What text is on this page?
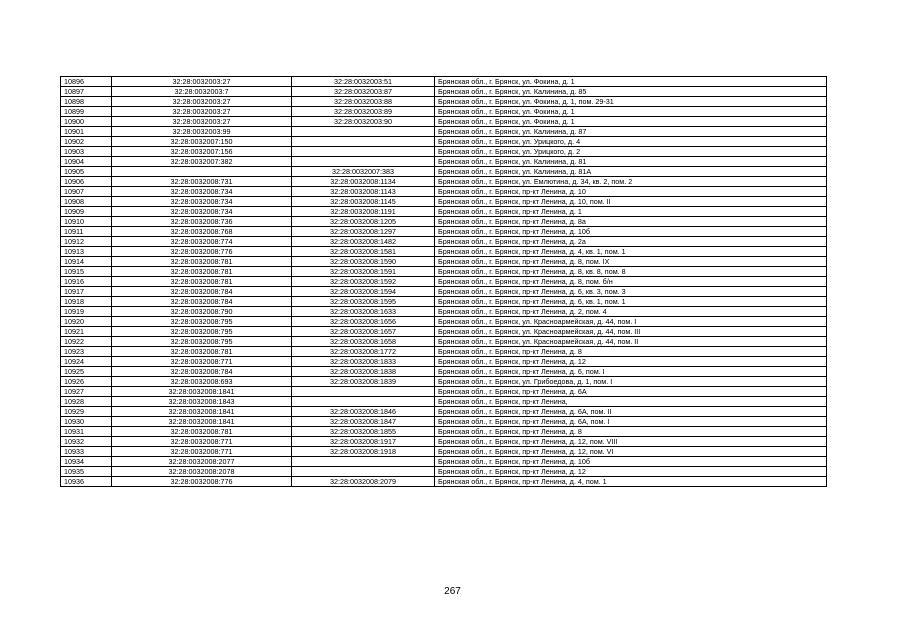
10896	32:28:0032003:27	32:28:0032003:51	Брянская обл., г. Брянск, ул. Фокина, д. 1
10897	32:28:0032003:7	32:28:0032003:87	Брянская обл., г. Брянск, ул. Калинина, д. 85
10898	32:28:0032003:27	32:28:0032003:88	Брянская обл., г. Брянск, ул. Фокина, д. 1, пом. 29-31
10899	32:28:0032003:27	32:28:0032003:89	Брянская обл., г. Брянск, ул. Фокина, д. 1
10900	32:28:0032003:27	32:28:0032003:90	Брянская обл., г. Брянск, ул. Фокина, д. 1
10901	32:28:0032003:99		Брянская обл., г. Брянск, ул. Калинина, д. 87
10902	32:28:0032007:150		Брянская обл., г. Брянск, ул. Урицкого, д. 4
10903	32:28:0032007:156		Брянская обл., г. Брянск, ул. Урицкого, д. 2
10904	32:28:0032007:382		Брянская обл., г. Брянск, ул. Калинина, д. 81
10905		32:28:0032007:383	Брянская обл., г. Брянск, ул. Калинина, д. 81А
10906	32:28:0032008:731	32:28:0032008:1134	Брянская обл., г. Брянск, ул. Емлютина, д. 34, кв. 2, пом. 2
10907	32:28:0032008:734	32:28:0032008:1143	Брянская обл., г. Брянск, пр-кт Ленина, д. 10
10908	32:28:0032008:734	32:28:0032008:1145	Брянская обл., г. Брянск, пр-кт Ленина, д. 10, пом. II
10909	32:28:0032008:734	32:28:0032008:1191	Брянская обл., г. Брянск, пр-кт Ленина, д. 1
10910	32:28:0032008:736	32:28:0032008:1205	Брянская обл., г. Брянск, пр-кт Ленина, д. 8а
10911	32:28:0032008:768	32:28:0032008:1297	Брянская обл., г. Брянск, пр-кт Ленина, д. 10б
10912	32:28:0032008:774	32:28:0032008:1482	Брянская обл., г. Брянск, пр-кт Ленина, д. 2а
10913	32:28:0032008:776	32:28:0032008:1581	Брянская обл., г. Брянск, пр-кт Ленина, д. 4, кв. 1, пом. 1
10914	32:28:0032008:781	32:28:0032008:1590	Брянская обл., г. Брянск, пр-кт Ленина, д. 8, пом. IX
10915	32:28:0032008:781	32:28:0032008:1591	Брянская обл., г. Брянск, пр-кт Ленина, д. 8, кв. 8, пом. 8
10916	32:28:0032008:781	32:28:0032008:1592	Брянская обл., г. Брянск, пр-кт Ленина, д. 8, пом. б/н
10917	32:28:0032008:784	32:28:0032008:1594	Брянская обл., г. Брянск, пр-кт Ленина, д. 6, кв. 3, пом. 3
10918	32:28:0032008:784	32:28:0032008:1595	Брянская обл., г. Брянск, пр-кт Ленина, д. 6, кв. 1, пом. 1
10919	32:28:0032008:790	32:28:0032008:1633	Брянская обл., г. Брянск, пр-кт Ленина, д. 2, пом. 4
10920	32:28:0032008:795	32:28:0032008:1656	Брянская обл., г. Брянск, ул. Красноармейская, д. 44, пом. I
10921	32:28:0032008:795	32:28:0032008:1657	Брянская обл., г. Брянск, ул. Красноармейская, д. 44, пом. III
10922	32:28:0032008:795	32:28:0032008:1658	Брянская обл., г. Брянск, ул. Красноармейская, д. 44, пом. II
10923	32:28:0032008:781	32:28:0032008:1772	Брянская обл., г. Брянск, пр-кт Ленина, д. 8
10924	32:28:0032008:771	32:28:0032008:1833	Брянская обл., г. Брянск, пр-кт Ленина, д. 12
10925	32:28:0032008:784	32:28:0032008:1838	Брянская обл., г. Брянск, пр-кт Ленина, д. 6, пом. I
10926	32:28:0032008:693	32:28:0032008:1839	Брянская обл., г. Брянск, ул. Грибоедова, д. 1, пом. I
10927	32:28:0032008:1841		Брянская обл., г. Брянск, пр-кт Ленина, д. 6А
10928	32:28:0032008:1843		Брянская обл., г. Брянск, пр-кт Ленина,
10929	32:28:0032008:1841	32:28:0032008:1846	Брянская обл., г. Брянск, пр-кт Ленина, д. 6А, пом. II
10930	32:28:0032008:1841	32:28:0032008:1847	Брянская обл., г. Брянск, пр-кт Ленина, д. 6А, пом. I
10931	32:28:0032008:781	32:28:0032008:1855	Брянская обл., г. Брянск, пр-кт Ленина, д. 8
10932	32:28:0032008:771	32:28:0032008:1917	Брянская обл., г. Брянск, пр-кт Ленина, д. 12, пом. VIII
10933	32:28:0032008:771	32:28:0032008:1918	Брянская обл., г. Брянск, пр-кт Ленина, д. 12, пом. VI
10934	32:28:0032008:2077		Брянская обл., г. Брянск, пр-кт Ленина, д. 10б
10935	32:28:0032008:2078		Брянская обл., г. Брянск, пр-кт Ленина, д. 12
10936	32:28:0032008:776	32:28:0032008:2079	Брянская обл., г. Брянск, пр-кт Ленина, д. 4, пом. 1
267
